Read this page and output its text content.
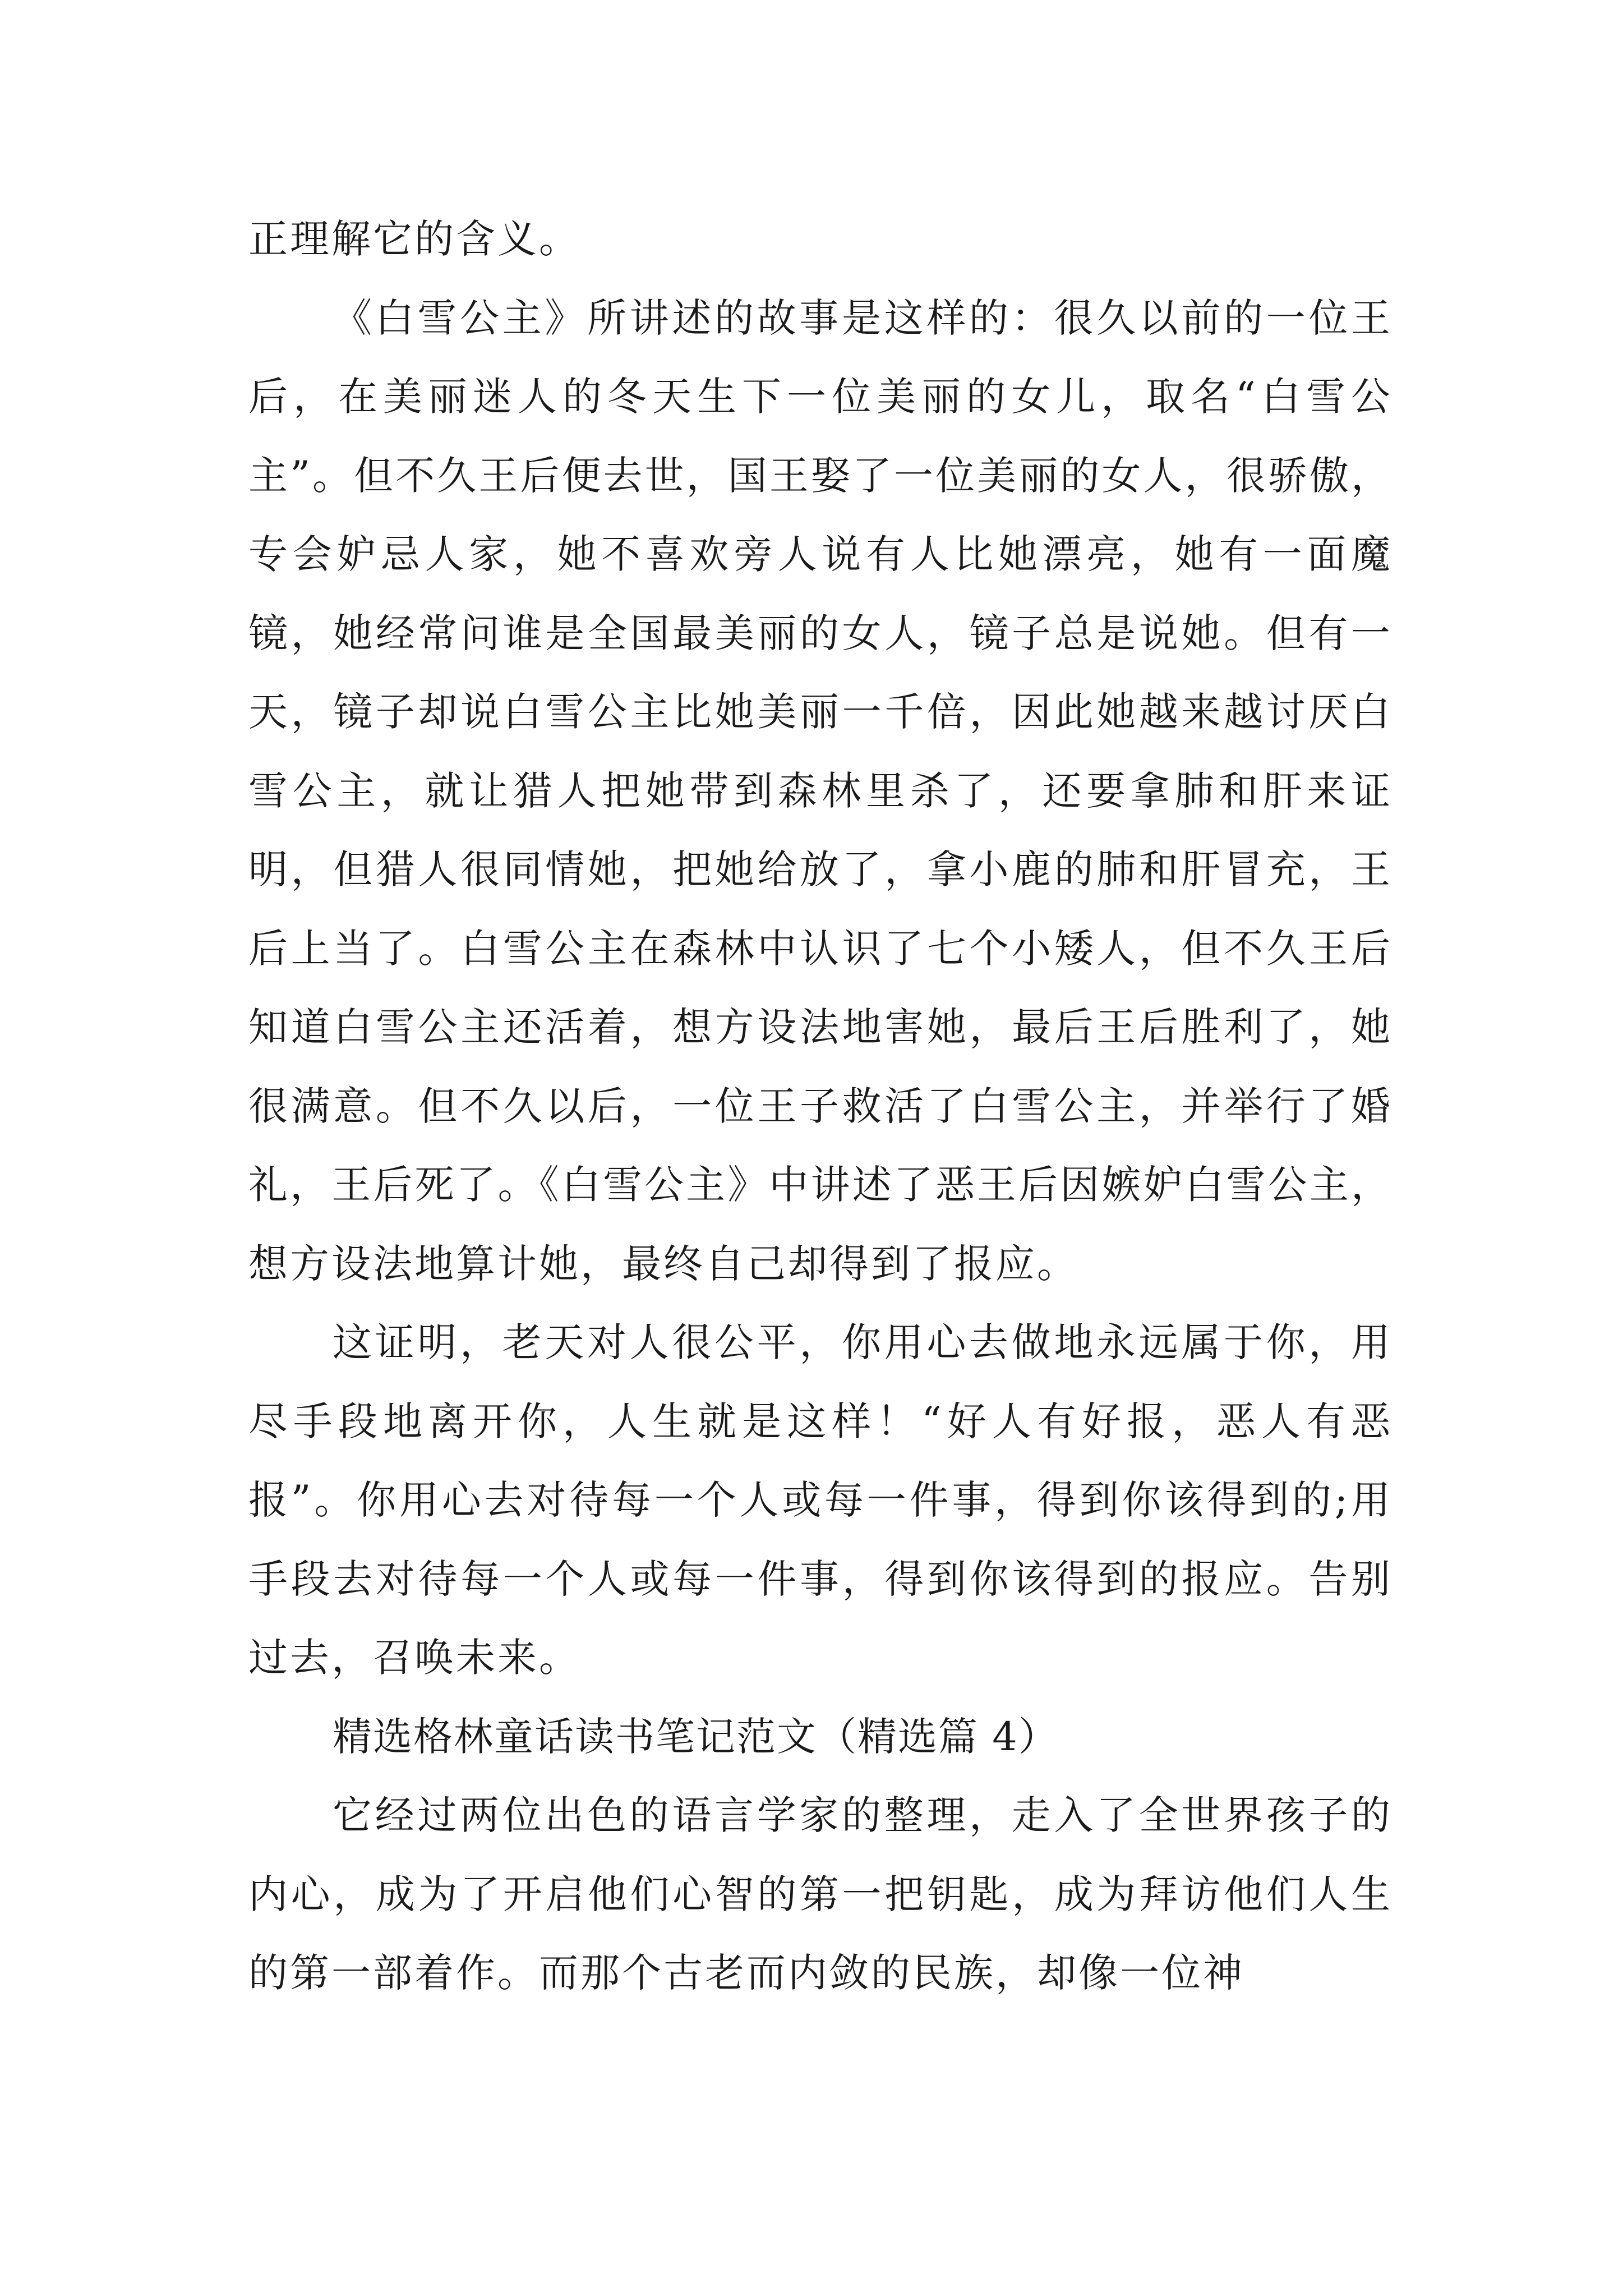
正理解它的含义。

《白雪公主》所讲述的故事是这样的：很久以前的一位王后，在美丽迷人的冬天生下一位美丽的女儿，取名“白雪公主”。但不久王后便去世，国王娶了一位美丽的女人，很骄傲，专会妒忌人家，她不喜欢旁人说有人比她漂亮，她有一面魔镜，她经常问谁是全国最美丽的女人，镜子总是说她。但有一天，镜子却说白雪公主比她美丽一千倍，因此她越来越讨厌白雪公主，就让猎人把她带到森林里杀了，还要拿肺和肝来证明，但猎人很同情她，把她给放了，拿小鹿的肺和肝冒充，王后上当了。白雪公主在森林中认识了七个小矮人，但不久王后知道白雪公主还活着，想方设法地害她，最后王后胜利了，她很满意。但不久以后，一位王子救活了白雪公主，并举行了婚礼，王后死了。《白雪公主》中讲述了恶王后因嫉妒白雪公主，想方设法地算计她，最终自己却得到了报应。

这证明，老天对人很公平，你用心去做地永远属于你，用尽手段地离开你，人生就是这样！“好人有好报，恶人有恶报”。你用心去对待每一个人或每一件事，得到你该得到的;用手段去对待每一个人或每一件事，得到你该得到的报应。告别过去，召唤未来。

精选格林童话读书笔记范文（精选篇 4）

它经过两位出色的语言学家的整理，走入了全世界孩子的内心，成为了开启他们心智的第一把钥匙，成为拜访他们人生的第一部着作。而那个古老而内敛的民族，却像一位神
